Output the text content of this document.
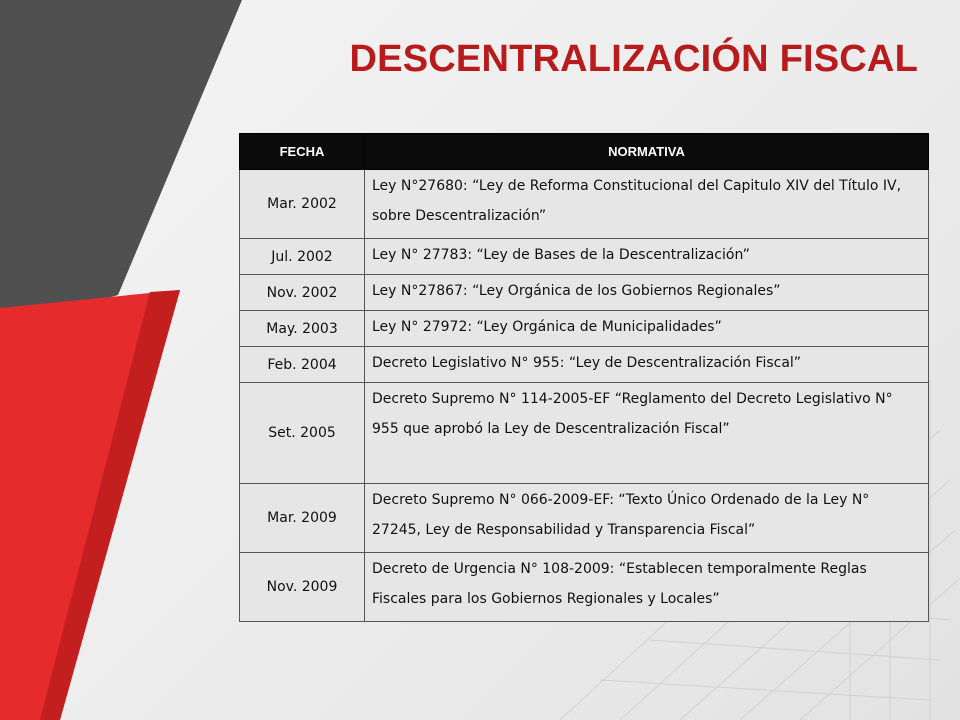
DESCENTRALIZACIÓN FISCAL
FECHA	NORMATIVA
Mar. 2002	Ley N°27680: “Ley de Reforma Constitucional del Capitulo XIV del Título IV, sobre Descentralización”
Jul. 2002	Ley N° 27783: “Ley de Bases de la Descentralización”
Nov. 2002	Ley N°27867: “Ley Orgánica de los Gobiernos Regionales”
May. 2003	Ley N° 27972: “Ley Orgánica de Municipalidades”
Feb. 2004	Decreto Legislativo N° 955: “Ley de Descentralización Fiscal”
Set. 2005	Decreto Supremo N° 114-2005-EF “Reglamento del Decreto Legislativo N° 955 que aprobó la Ley de Descentralización Fiscal”
Mar. 2009	Decreto Supremo N° 066-2009-EF: “Texto Único Ordenado de la Ley N° 27245, Ley de Responsabilidad y Transparencia Fiscal”
Nov. 2009	Decreto de Urgencia N° 108-2009: “Establecen temporalmente Reglas Fiscales para los Gobiernos Regionales y Locales”
